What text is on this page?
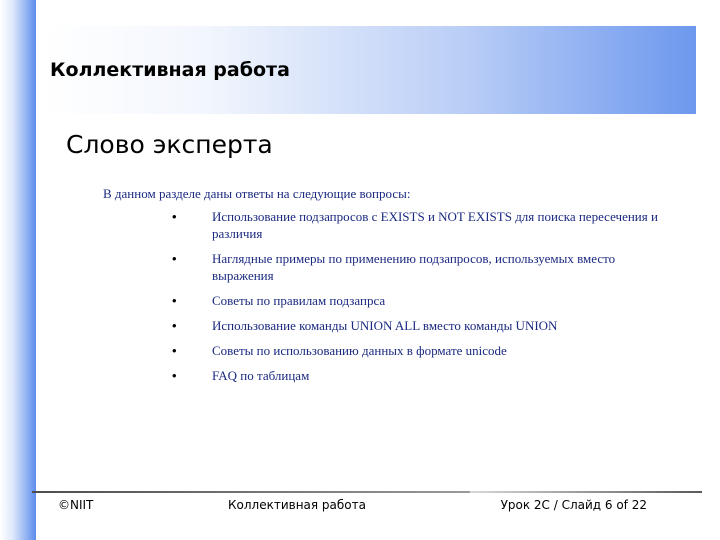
Коллективная работа
Слово эксперта
В данном разделе даны ответы на следующие вопросы:
•	Использование подзапросов с EXISTS и NOT EXISTS для поиска пересечения и различия
•	Наглядные примеры по применению подзапросов, используемых вместо выражения
•	Советы по правилам подзапрса
•	Использование команды UNION ALL вместо команды UNION
•	Советы по использованию данных в формате unicode
•	FAQ по таблицам
©NIIT	Коллективная работа	Урок 2C / Слайд 6 of 22
